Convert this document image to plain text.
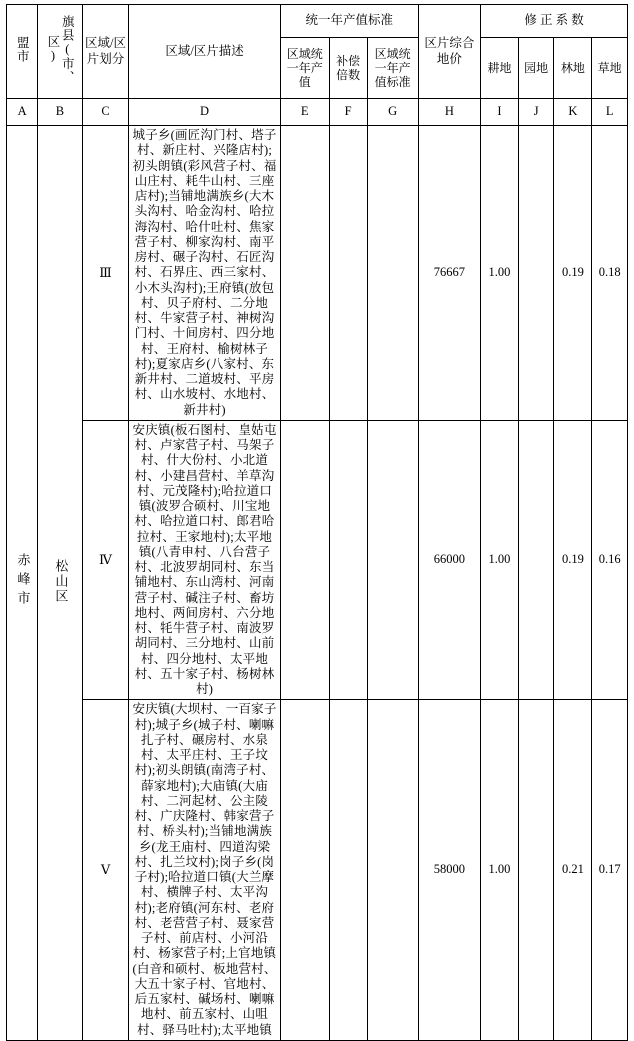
盟市	旗县(市、区)	区域/区片划分	区域/区片描述	统一年产值标准			区片综合地价	修 正 系 数			
				区域统一年产值	补偿倍数	区域统一年产值标准		耕地	园地	林地	草地
A	B	C	D	E	F	G	H	I	J	K	L
赤峰市	松山区	Ⅲ	城子乡(画匠沟门村、塔子村、新庄村、兴隆店村);初头朗镇(彩风营子村、福山庄村、耗牛山村、三座店村);当铺地满族乡(大木头沟村、哈金沟村、哈拉海沟村、哈什吐村、焦家营子村、柳家沟村、南平房村、碾子沟村、石匠沟村、石界庄、西三家村、小木头沟村);王府镇(放包村、贝子府村、二分地村、牛家营子村、神树沟门村、十间房村、四分地村、王府村、榆树林子村);夏家店乡(八家村、东新井村、二道坡村、平房村、山水坡村、水地村、新井村)				76667	1.00		0.19	0.18
		Ⅳ	安庆镇(板石图村、皇姑屯村、卢家营子村、马架子村、什大份村、小北道村、小建昌营村、羊草沟村、元茂隆村);哈拉道口镇(波罗合硕村、川宝地村、哈拉道口村、郎君哈拉村、王家地村);太平地镇(八青申村、八台营子村、北波罗胡同村、东当铺地村、东山湾村、河南营子村、碱注子村、畜坊地村、两间房村、六分地村、牦牛营子村、南波罗胡同村、三分地村、山前村、四分地村、太平地村、五十家子村、杨树林村)				66000	1.00		0.19	0.16
		Ⅴ	安庆镇(大坝村、一百家子村);城子乡(城子村、喇嘛扎子村、碾房村、水泉村、太平庄村、王子坟村);初头朗镇(南湾子村、薛家地村);大庙镇(大庙村、二河起材、公主陵村、广庆隆村、韩家营子村、桥头村);当铺地满族乡(龙王庙村、四道沟梁村、扎兰坟村);岗子乡(岗子村);哈拉道口镇(大兰摩村、横牌子村、太平沟村);老府镇(河东村、老府村、老营营子村、聂家营子村、前店村、小河沿村、杨家营子村;上官地镇(白音和硕村、板地营村、大五十家子村、官地村、后五家村、碱场村、喇嘛地村、前五家村、山咀村、驿马吐村);太平地镇				58000	1.00		0.21	0.17
